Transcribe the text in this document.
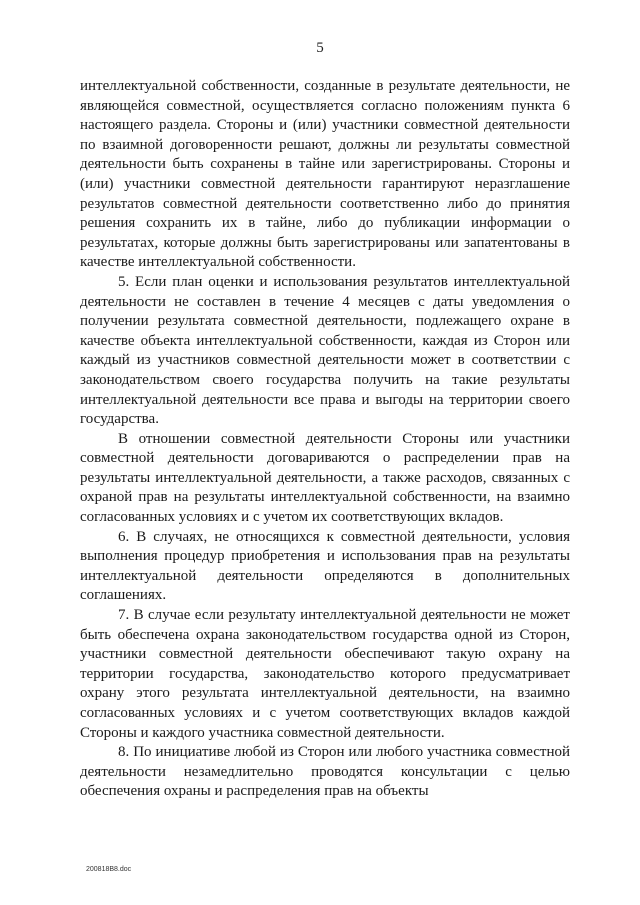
5

интеллектуальной собственности, созданные в результате деятельности, не являющейся совместной, осуществляется согласно положениям пункта 6 настоящего раздела. Стороны и (или) участники совместной деятельности по взаимной договоренности решают, должны ли результаты совместной деятельности быть сохранены в тайне или зарегистрированы. Стороны и (или) участники совместной деятельности гарантируют неразглашение результатов совместной деятельности соответственно либо до принятия решения сохранить их в тайне, либо до публикации информации о результатах, которые должны быть зарегистрированы или запатентованы в качестве интеллектуальной собственности.

5. Если план оценки и использования результатов интеллектуальной деятельности не составлен в течение 4 месяцев с даты уведомления о получении результата совместной деятельности, подлежащего охране в качестве объекта интеллектуальной собственности, каждая из Сторон или каждый из участников совместной деятельности может в соответствии с законодательством своего государства получить на такие результаты интеллектуальной деятельности все права и выгоды на территории своего государства.

В отношении совместной деятельности Стороны или участники совместной деятельности договариваются о распределении прав на результаты интеллектуальной деятельности, а также расходов, связанных с охраной прав на результаты интеллектуальной собственности, на взаимно согласованных условиях и с учетом их соответствующих вкладов.

6. В случаях, не относящихся к совместной деятельности, условия выполнения процедур приобретения и использования прав на результаты интеллектуальной деятельности определяются в дополнительных соглашениях.

7. В случае если результату интеллектуальной деятельности не может быть обеспечена охрана законодательством государства одной из Сторон, участники совместной деятельности обеспечивают такую охрану на территории государства, законодательство которого предусматривает охрану этого результата интеллектуальной деятельности, на взаимно согласованных условиях и с учетом соответствующих вкладов каждой Стороны и каждого участника совместной деятельности.

8. По инициативе любой из Сторон или любого участника совместной деятельности незамедлительно проводятся консультации с целью обеспечения охраны и распределения прав на объекты

200818B8.doc
